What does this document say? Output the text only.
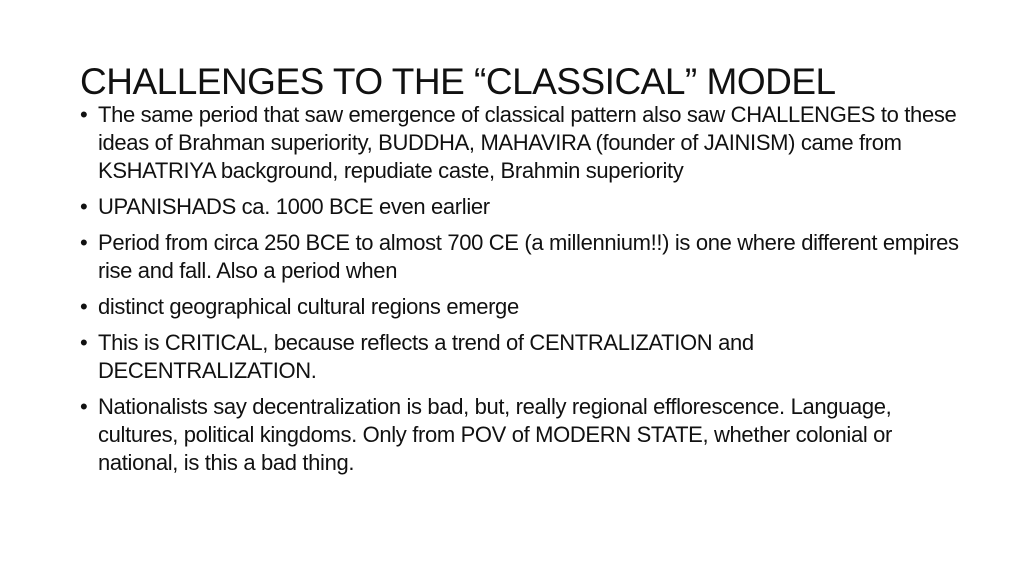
CHALLENGES TO THE “CLASSICAL” MODEL
• The same period that saw emergence of classical pattern also saw CHALLENGES to these ideas of Brahman superiority, BUDDHA, MAHAVIRA (founder of JAINISM) came from KSHATRIYA background, repudiate caste, Brahmin superiority
• UPANISHADS ca. 1000 BCE even earlier
• Period from circa 250 BCE to almost 700 CE (a millennium!!) is one where different empires rise and fall. Also a period when
• distinct geographical cultural regions emerge
• This is CRITICAL, because reflects a trend of CENTRALIZATION and DECENTRALIZATION.
• Nationalists say decentralization is bad, but, really regional efflorescence. Language, cultures, political kingdoms. Only from POV of MODERN STATE, whether colonial or national, is this a bad thing.
